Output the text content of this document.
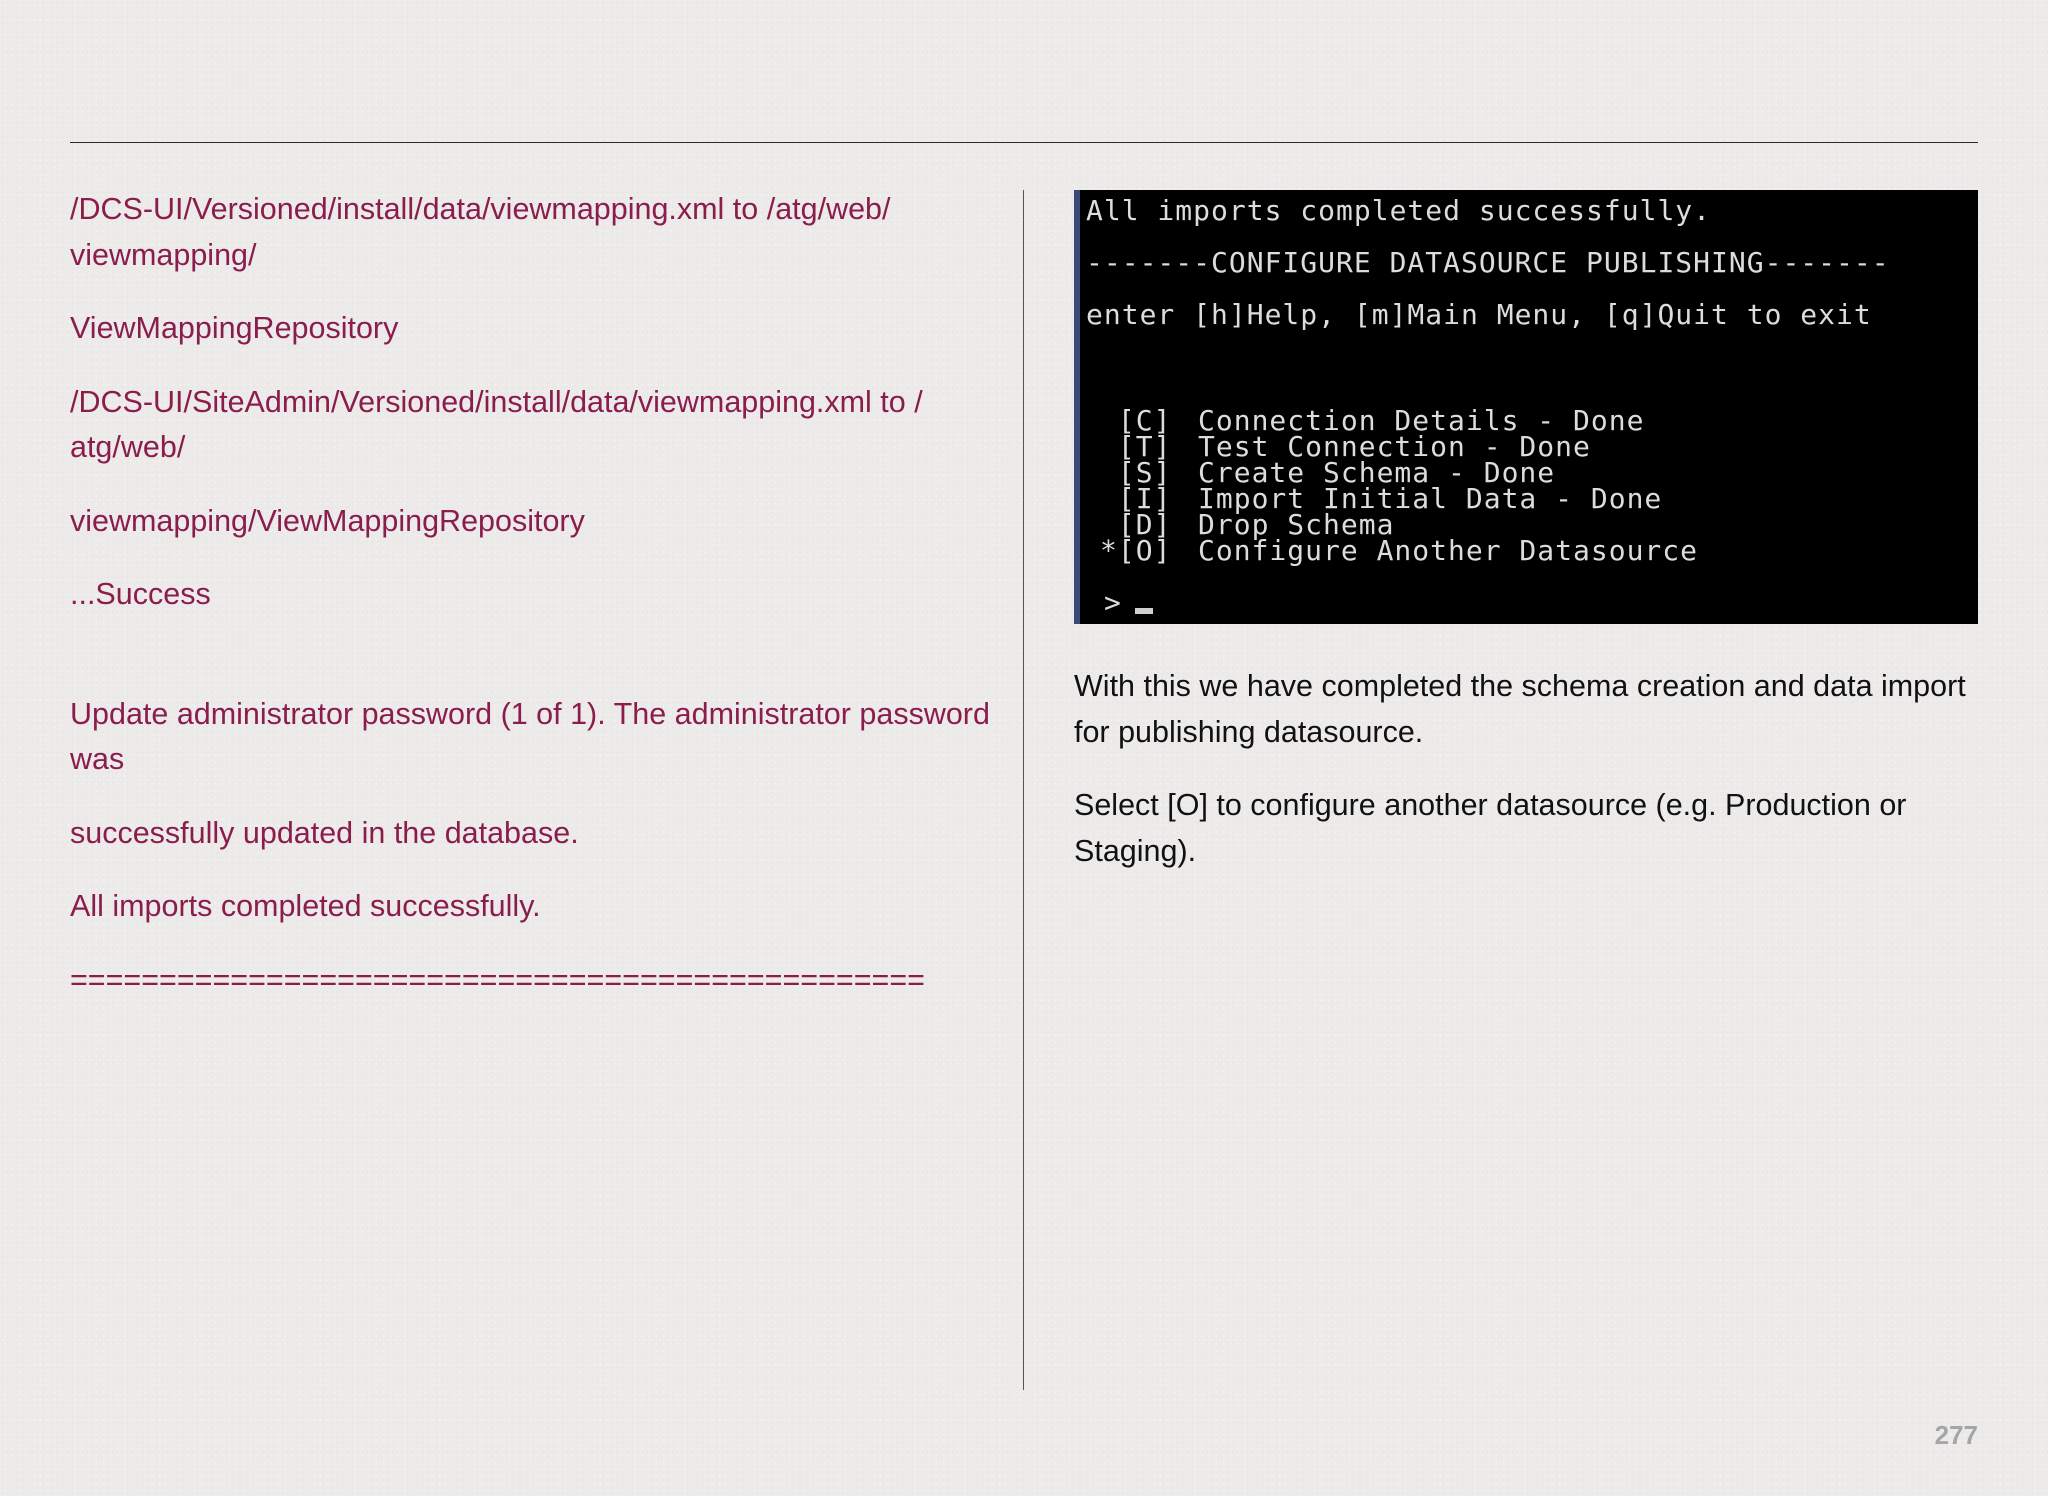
/DCS-UI/Versioned/install/data/viewmapping.xml to /atg/web/ viewmapping/

ViewMappingRepository

/DCS-UI/SiteAdmin/Versioned/install/data/viewmapping.xml to / atg/web/

viewmapping/ViewMappingRepository

...Success

Update administrator password (1 of 1). The administrator password was

successfully updated in the database.

All imports completed successfully.

================================================

All imports completed successfully.
-------CONFIGURE DATASOURCE PUBLISHING-------
enter [h]Help, [m]Main Menu, [q]Quit to exit
[C] Connection Details - Done
[T] Test Connection - Done
[S] Create Schema - Done
[I] Import Initial Data - Done
[D] Drop Schema
*[O] Configure Another Datasource
>

With this we have completed the schema creation and data import for publishing datasource.

Select [O] to configure another datasource (e.g. Production or Staging).

277
